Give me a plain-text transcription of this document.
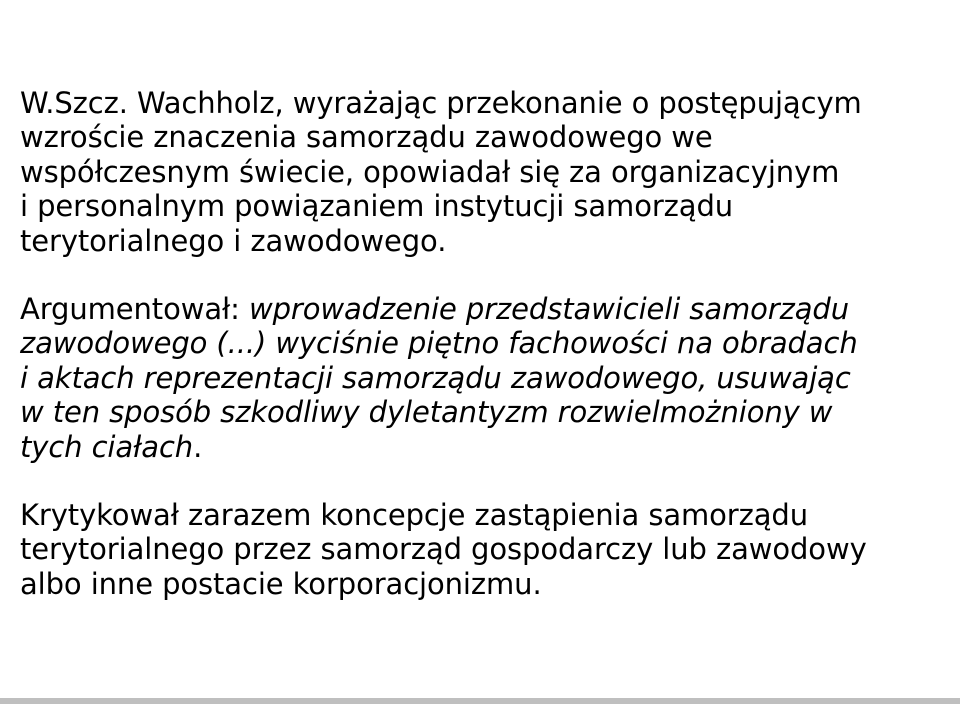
W.Szcz. Wachholz, wyrażając przekonanie o postępującym
wzroście znaczenia samorządu zawodowego we
współczesnym świecie, opowiadał się za organizacyjnym
i personalnym powiązaniem instytucji samorządu
terytorialnego i zawodowego.

Argumentował: wprowadzenie przedstawicieli samorządu
zawodowego (...) wyciśnie piętno fachowości na obradach
i aktach reprezentacji samorządu zawodowego, usuwając
w ten sposób szkodliwy dyletantyzm rozwielmożniony w
tych ciałach.

Krytykował zarazem koncepcje zastąpienia samorządu
terytorialnego przez samorząd gospodarczy lub zawodowy
albo inne postacie korporacjonizmu.
